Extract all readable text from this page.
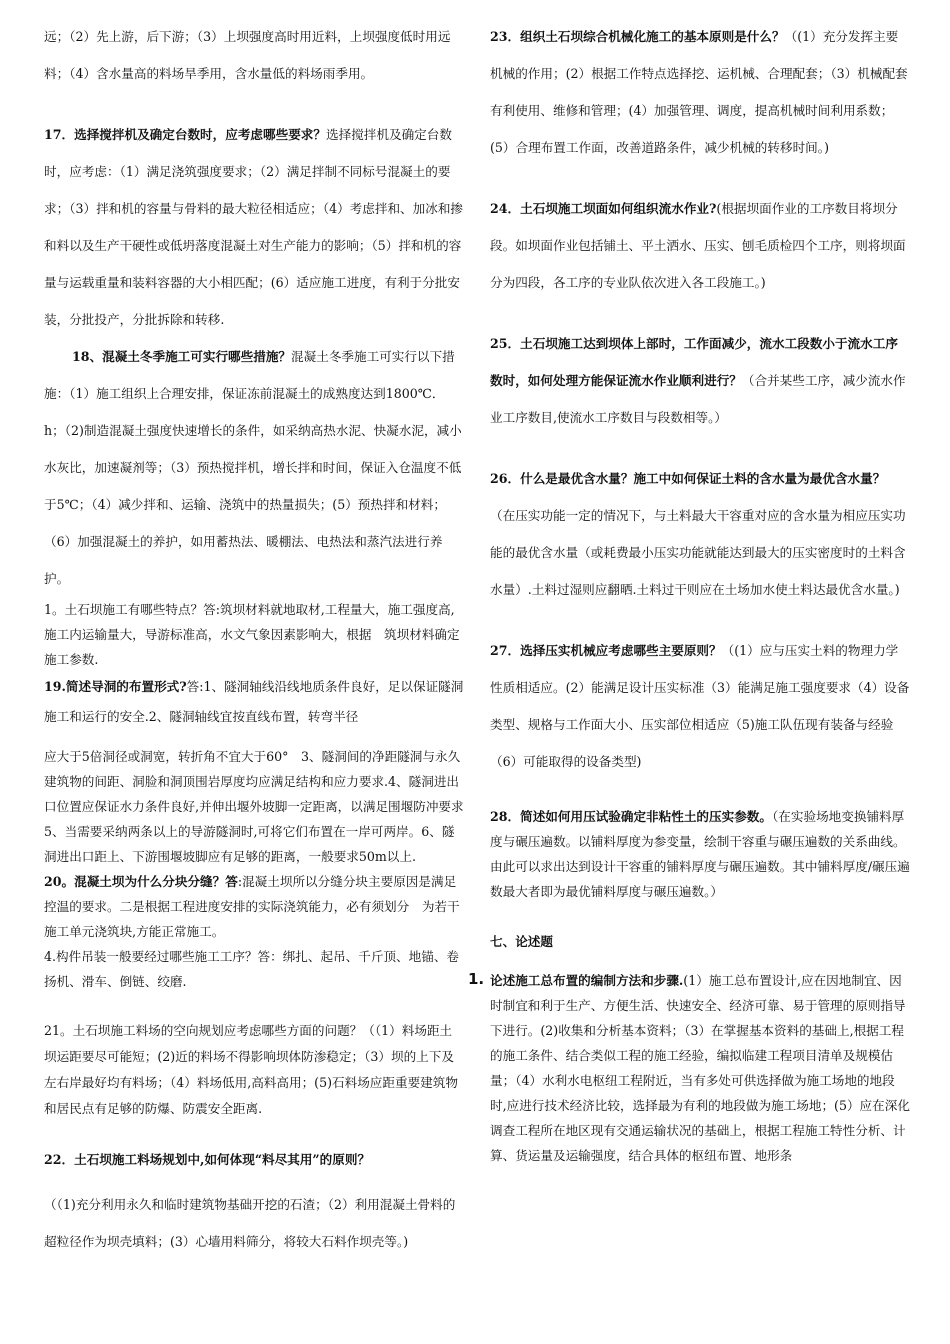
远；（2）先上游，后下游；（3）上坝强度高时用近料，上坝强度低时用远料；（4）含水量高的料场旱季用，含水量低的料场雨季用。

17．选择搅拌机及确定台数时，应考虑哪些要求？选择搅拌机及确定台数时，应考虑：（1）满足浇筑强度要求；（2）满足拌制不同标号混凝土的要求；（3）拌和机的容量与骨料的最大粒径相适应；（4）考虑拌和、加冰和掺和料以及生产干硬性或低坍落度混凝土对生产能力的影响；（5）拌和机的容量与运载重量和装料容器的大小相匹配；(6）适应施工进度，有利于分批安装，分批投产，分批拆除和转移.

18、混凝土冬季施工可实行哪些措施？混凝土冬季施工可实行以下措施：（1）施工组织上合理安排，保证冻前混凝土的成熟度达到1800℃．h；（2)制造混凝土强度快速增长的条件，如采纳高热水泥、快凝水泥，减小水灰比，加速凝剂等；（3）预热搅拌机，增长拌和时间，保证入仓温度不低于5℃；（4）减少拌和、运输、浇筑中的热量损失；(5）预热拌和材料；（6）加强混凝土的养护，如用蓄热法、暖棚法、电热法和蒸汽法进行养护。

1。土石坝施工有哪些特点？答:筑坝材料就地取材,工程量大，施工强度高,施工内运输量大，导游标准高，水文气象因素影响大，根据　筑坝材料确定施工参数.

19.简述导洞的布置形式?答:1、隧洞轴线沿线地质条件良好，足以保证隧洞施工和运行的安全.2、隧洞轴线宜按直线布置，转弯半径

应大于5倍洞径或洞宽，转折角不宜大于60°　3、隧洞间的净距隧洞与永久建筑物的间距、洞脸和洞顶围岩厚度均应满足结构和应力要求.4、隧洞进出口位置应保证水力条件良好,并伸出堰外坡脚一定距离，以满足围堰防冲要求5、当需要采纳两条以上的导游隧洞时,可将它们布置在一岸可两岸。6、隧洞进出口距上、下游围堰坡脚应有足够的距离，一般要求50m以上.

20。混凝土坝为什么分块分缝？答:混凝土坝所以分缝分块主要原因是满足控温的要求。二是根据工程进度安排的实际浇筑能力，必有须划分　为若干施工单元浇筑块,方能正常施工。

4.构件吊装一般要经过哪些施工工序？答：绑扎、起吊、千斤顶、地锚、卷扬机、滑车、倒链、绞磨.

21。土石坝施工料场的空向规划应考虑哪些方面的问题？（（1）料场距土坝运距要尽可能短；(2)近的料场不得影响坝体防渗稳定；（3）坝的上下及左右岸最好均有料场；（4）料场低用,高料高用；(5)石料场应距重要建筑物和居民点有足够的防爆、防震安全距离.

22．土石坝施工料场规划中,如何体现“料尽其用”的原则？

（（1)充分利用永久和临时建筑物基础开挖的石渣；（2）利用混凝土骨料的超粒径作为坝壳填料；(3）心墙用料筛分，将较大石料作坝壳等。)

23．组织土石坝综合机械化施工的基本原则是什么？（(1）充分发挥主要机械的作用；(2）根据工作特点选择挖、运机械、合理配套；（3）机械配套有利使用、维修和管理；(4）加强管理、调度，提高机械时间利用系数；(5）合理布置工作面，改善道路条件，减少机械的转移时间。)

24．土石坝施工坝面如何组织流水作业?(根据坝面作业的工序数目将坝分段。如坝面作业包括铺土、平土洒水、压实、刨毛质检四个工序，则将坝面分为四段，各工序的专业队依次进入各工段施工。)

25．土石坝施工达到坝体上部时，工作面减少，流水工段数小于流水工序数时，如何处理方能保证流水作业顺利进行？（合并某些工序，减少流水作业工序数目,使流水工序数目与段数相等。）

26．什么是最优含水量？施工中如何保证土料的含水量为最优含水量？（在压实功能一定的情况下，与土料最大干容重对应的含水量为相应压实功能的最优含水量（或耗费最小压实功能就能达到最大的压实密度时的土料含水量）.土料过湿则应翻晒.土料过干则应在土场加水使土料达最优含水量。)

27．选择压实机械应考虑哪些主要原则？（(1）应与压实土料的物理力学性质相适应。(2）能满足设计压实标准（3）能满足施工强度要求（4）设备类型、规格与工作面大小、压实部位相适应（5)施工队伍现有装备与经验（6）可能取得的设备类型)

28．简述如何用压试验确定非粘性土的压实参数。（在实验场地变换铺料厚度与碾压遍数。以铺料厚度为参变量，绘制干容重与碾压遍数的关系曲线。由此可以求出达到设计干容重的铺料厚度与碾压遍数。其中铺料厚度/碾压遍数最大者即为最优铺料厚度与碾压遍数。）

七、论述题

1. 论述施工总布置的编制方法和步骤.(1）施工总布置设计,应在因地制宜、因时制宜和利于生产、方便生活、快速安全、经济可靠、易于管理的原则指导下进行。(2)收集和分析基本资料；（3）在掌握基本资料的基础上,根据工程的施工条件、结合类似工程的施工经验，编拟临建工程项目清单及规模估量；（4）水利水电枢纽工程附近，当有多处可供选择做为施工场地的地段时,应进行技术经济比较，选择最为有利的地段做为施工场地；(5）应在深化调查工程所在地区现有交通运输状况的基础上，根据工程施工特性分析、计算、货运量及运输强度，结合具体的枢纽布置、地形条
